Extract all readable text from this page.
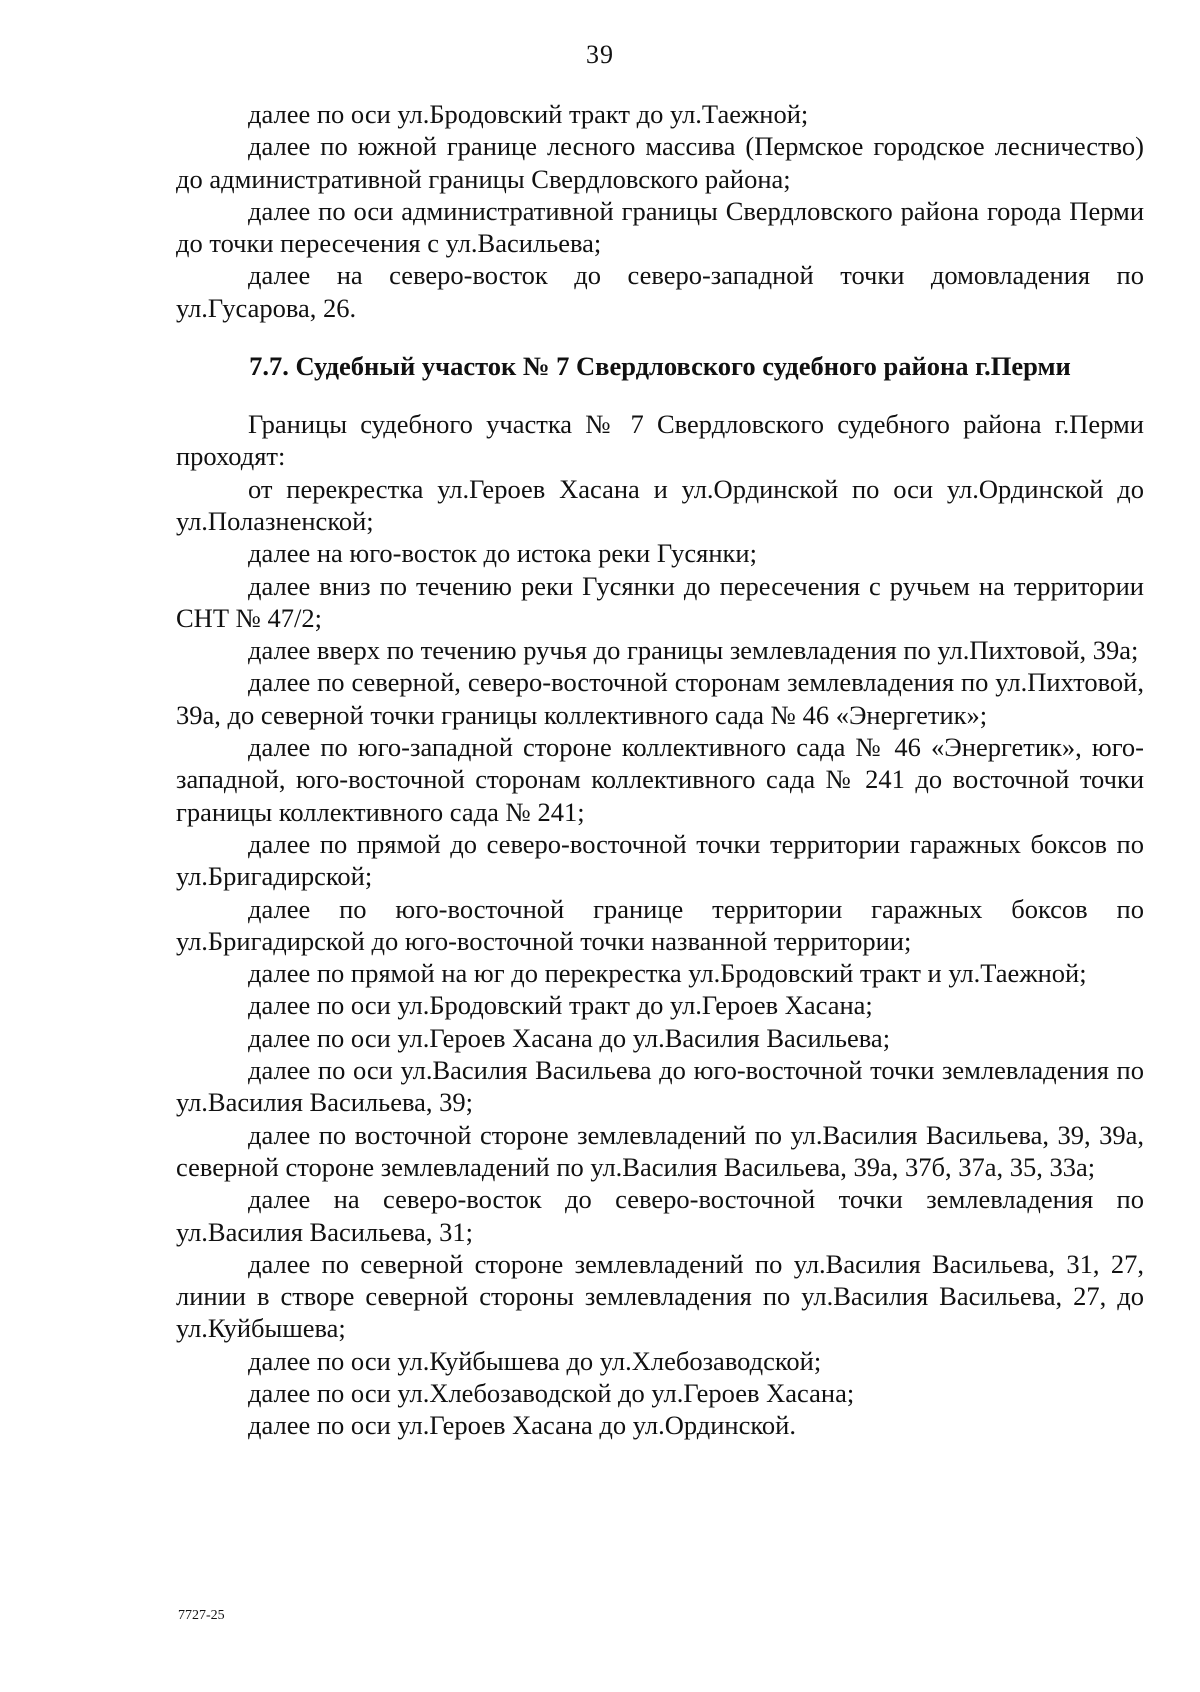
39

далее по оси ул.Бродовский тракт до ул.Таежной;

далее по южной границе лесного массива (Пермское городское лесничество) до административной границы Свердловского района;

далее по оси административной границы Свердловского района города Перми до точки пересечения с ул.Васильева;

далее на северо-восток до северо-западной точки домовладения по ул.Гусарова, 26.

7.7. Судебный участок № 7 Свердловского судебного района г.Перми

Границы судебного участка № 7 Свердловского судебного района г.Перми проходят:

от перекрестка ул.Героев Хасана и ул.Ординской по оси ул.Ординской до ул.Полазненской;

далее на юго-восток до истока реки Гусянки;

далее вниз по течению реки Гусянки до пересечения с ручьем на территории СНТ № 47/2;

далее вверх по течению ручья до границы землевладения по ул.Пихтовой, 39а;

далее по северной, северо-восточной сторонам землевладения по ул.Пихтовой, 39а, до северной точки границы коллективного сада № 46 «Энергетик»;

далее по юго-западной стороне коллективного сада № 46 «Энергетик», юго-западной, юго-восточной сторонам коллективного сада № 241 до восточной точки границы коллективного сада № 241;

далее по прямой до северо-восточной точки территории гаражных боксов по ул.Бригадирской;

далее по юго-восточной границе территории гаражных боксов по ул.Бригадирской до юго-восточной точки названной территории;

далее по прямой на юг до перекрестка ул.Бродовский тракт и ул.Таежной;

далее по оси ул.Бродовский тракт до ул.Героев Хасана;

далее по оси ул.Героев Хасана до ул.Василия Васильева;

далее по оси ул.Василия Васильева до юго-восточной точки землевладения по ул.Василия Васильева, 39;

далее по восточной стороне землевладений по ул.Василия Васильева, 39, 39а, северной стороне землевладений по ул.Василия Васильева, 39а, 37б, 37а, 35, 33а;

далее на северо-восток до северо-восточной точки землевладения по ул.Василия Васильева, 31;

далее по северной стороне землевладений по ул.Василия Васильева, 31, 27, линии в створе северной стороны землевладения по ул.Василия Васильева, 27, до ул.Куйбышева;

далее по оси ул.Куйбышева до ул.Хлебозаводской;

далее по оси ул.Хлебозаводской до ул.Героев Хасана;

далее по оси ул.Героев Хасана до ул.Ординской.

7727-25
